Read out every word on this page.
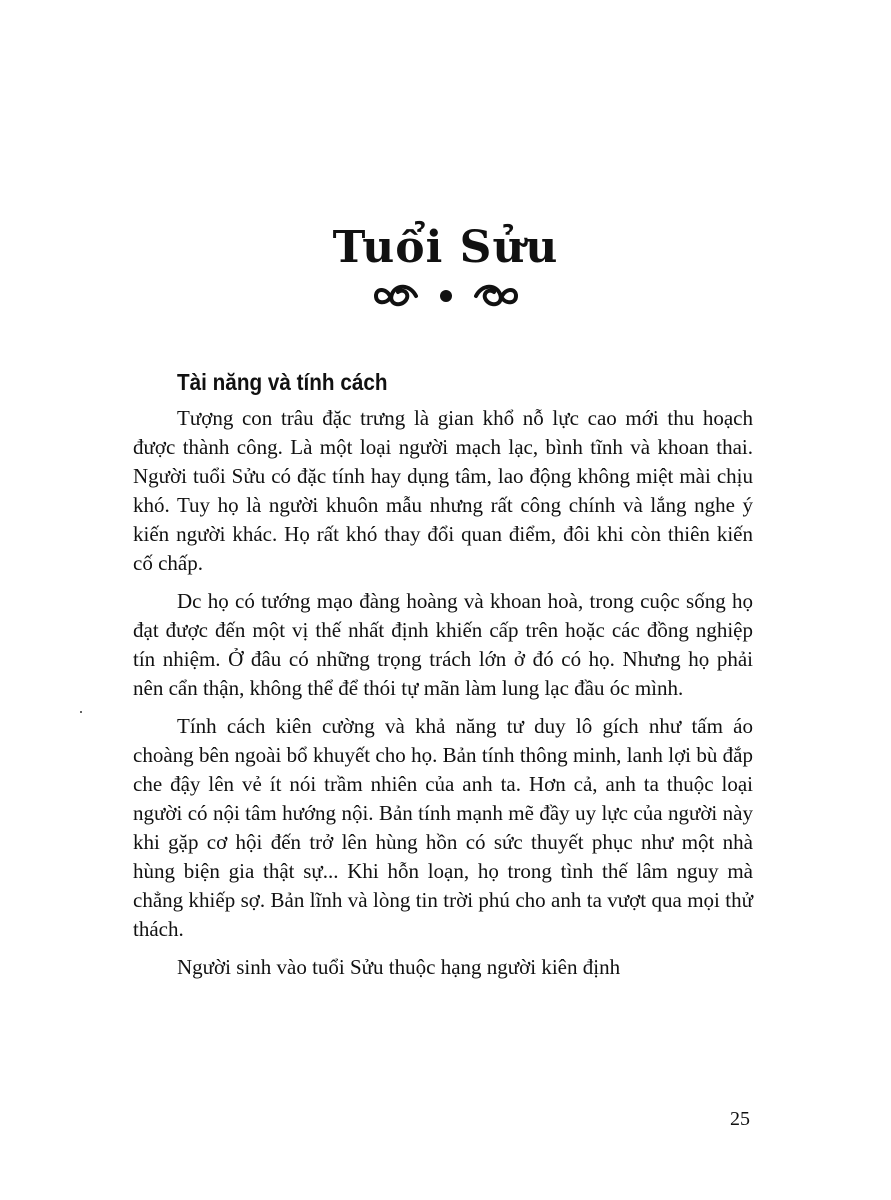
Tuổi Sửu
Tài năng và tính cách

Tượng con trâu đặc trưng là gian khổ nỗ lực cao mới thu hoạch được thành công. Là một loại người mạch lạc, bình tĩnh và khoan thai. Người tuổi Sửu có đặc tính hay dụng tâm, lao động không miệt mài chịu khó. Tuy họ là người khuôn mẫu nhưng rất công chính và lắng nghe ý kiến người khác. Họ rất khó thay đổi quan điểm, đôi khi còn thiên kiến cố chấp.

Dc họ có tướng mạo đàng hoàng và khoan hoà, trong cuộc sống họ đạt được đến một vị thế nhất định khiến cấp trên hoặc các đồng nghiệp tín nhiệm. Ở đâu có những trọng trách lớn ở đó có họ. Nhưng họ phải nên cẩn thận, không thể để thói tự mãn làm lung lạc đầu óc mình.

Tính cách kiên cường và khả năng tư duy lô gích như tấm áo choàng bên ngoài bổ khuyết cho họ. Bản tính thông minh, lanh lợi bù đắp che đậy lên vẻ ít nói trầm nhiên của anh ta. Hơn cả, anh ta thuộc loại người có nội tâm hướng nội. Bản tính mạnh mẽ đầy uy lực của người này khi gặp cơ hội đến trở lên hùng hồn có sức thuyết phục như một nhà hùng biện gia thật sự... Khi hỗn loạn, họ trong tình thế lâm nguy mà chẳng khiếp sợ. Bản lĩnh và lòng tin trời phú cho anh ta vượt qua mọi thử thách.

Người sinh vào tuổi Sửu thuộc hạng người kiên định

25
